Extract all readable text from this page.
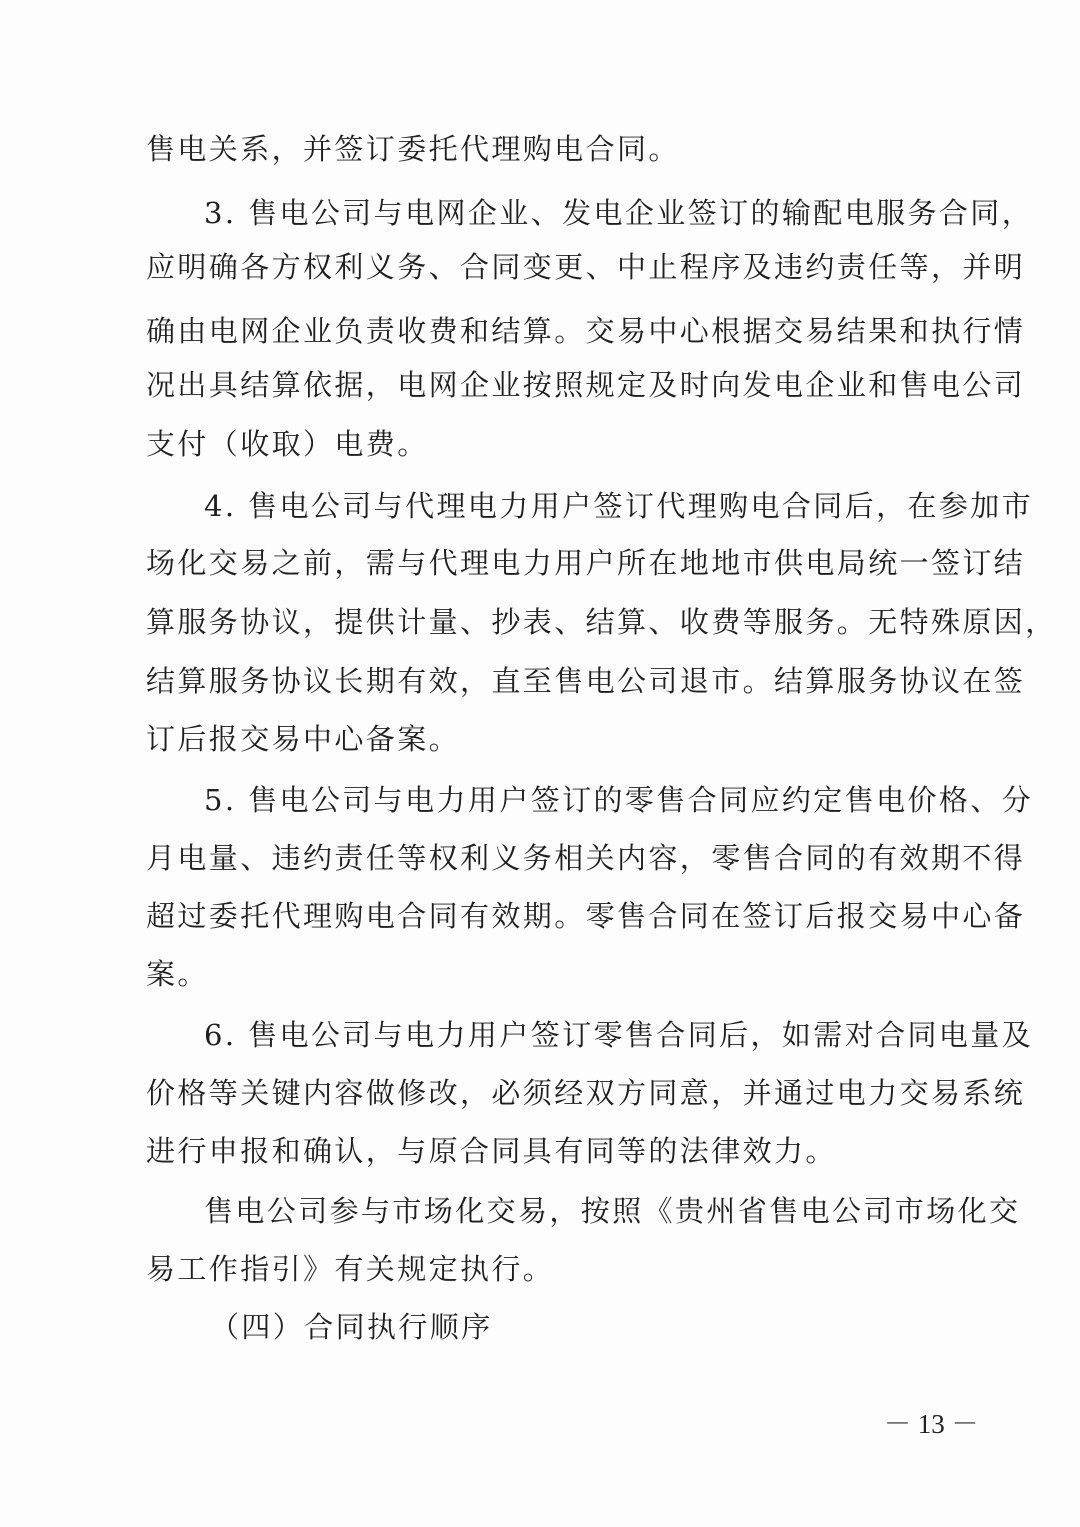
售电关系，并签订委托代理购电合同。

3. 售电公司与电网企业、发电企业签订的输配电服务合同，

应明确各方权利义务、合同变更、中止程序及违约责任等，并明

确由电网企业负责收费和结算。交易中心根据交易结果和执行情

况出具结算依据，电网企业按照规定及时向发电企业和售电公司

支付（收取）电费。

4. 售电公司与代理电力用户签订代理购电合同后，在参加市

场化交易之前，需与代理电力用户所在地地市供电局统一签订结

算服务协议，提供计量、抄表、结算、收费等服务。无特殊原因，

结算服务协议长期有效，直至售电公司退市。结算服务协议在签

订后报交易中心备案。

5. 售电公司与电力用户签订的零售合同应约定售电价格、分

月电量、违约责任等权利义务相关内容，零售合同的有效期不得

超过委托代理购电合同有效期。零售合同在签订后报交易中心备

案。

6. 售电公司与电力用户签订零售合同后，如需对合同电量及

价格等关键内容做修改，必须经双方同意，并通过电力交易系统

进行申报和确认，与原合同具有同等的法律效力。

售电公司参与市场化交易，按照《贵州省售电公司市场化交

易工作指引》有关规定执行。

（四）合同执行顺序

－ 13 －
